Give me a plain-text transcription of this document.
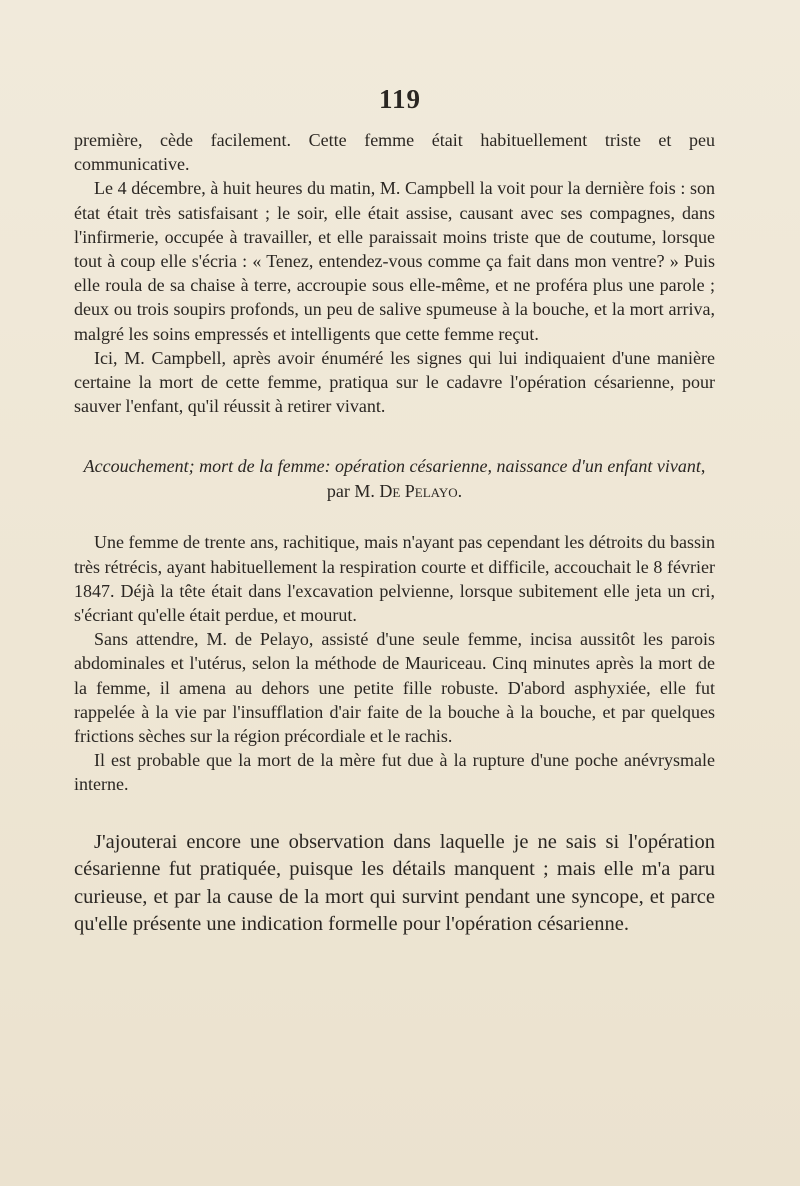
119

première, cède facilement. Cette femme était habituellement triste et peu communicative.

Le 4 décembre, à huit heures du matin, M. Campbell la voit pour la dernière fois : son état était très satisfaisant ; le soir, elle était assise, causant avec ses compagnes, dans l'infirmerie, occupée à travailler, et elle paraissait moins triste que de coutume, lorsque tout à coup elle s'écria : « Tenez, entendez-vous comme ça fait dans mon ventre? » Puis elle roula de sa chaise à terre, accroupie sous elle-même, et ne proféra plus une parole ; deux ou trois soupirs profonds, un peu de salive spumeuse à la bouche, et la mort arriva, malgré les soins empressés et intelligents que cette femme reçut.

Ici, M. Campbell, après avoir énuméré les signes qui lui indiquaient d'une manière certaine la mort de cette femme, pratiqua sur le cadavre l'opération césarienne, pour sauver l'enfant, qu'il réussit à retirer vivant.

Accouchement; mort de la femme: opération césarienne, naissance d'un enfant vivant, par M. De Pelayo.

Une femme de trente ans, rachitique, mais n'ayant pas cependant les détroits du bassin très rétrécis, ayant habituellement la respiration courte et difficile, accouchait le 8 février 1847. Déjà la tête était dans l'excavation pelvienne, lorsque subitement elle jeta un cri, s'écriant qu'elle était perdue, et mourut.

Sans attendre, M. de Pelayo, assisté d'une seule femme, incisa aussitôt les parois abdominales et l'utérus, selon la méthode de Mauriceau. Cinq minutes après la mort de la femme, il amena au dehors une petite fille robuste. D'abord asphyxiée, elle fut rappelée à la vie par l'insufflation d'air faite de la bouche à la bouche, et par quelques frictions sèches sur la région précordiale et le rachis.

Il est probable que la mort de la mère fut due à la rupture d'une poche anévrysmale interne.

J'ajouterai encore une observation dans laquelle je ne sais si l'opération césarienne fut pratiquée, puisque les détails manquent ; mais elle m'a paru curieuse, et par la cause de la mort qui survint pendant une syncope, et parce qu'elle présente une indication formelle pour l'opération césarienne.
